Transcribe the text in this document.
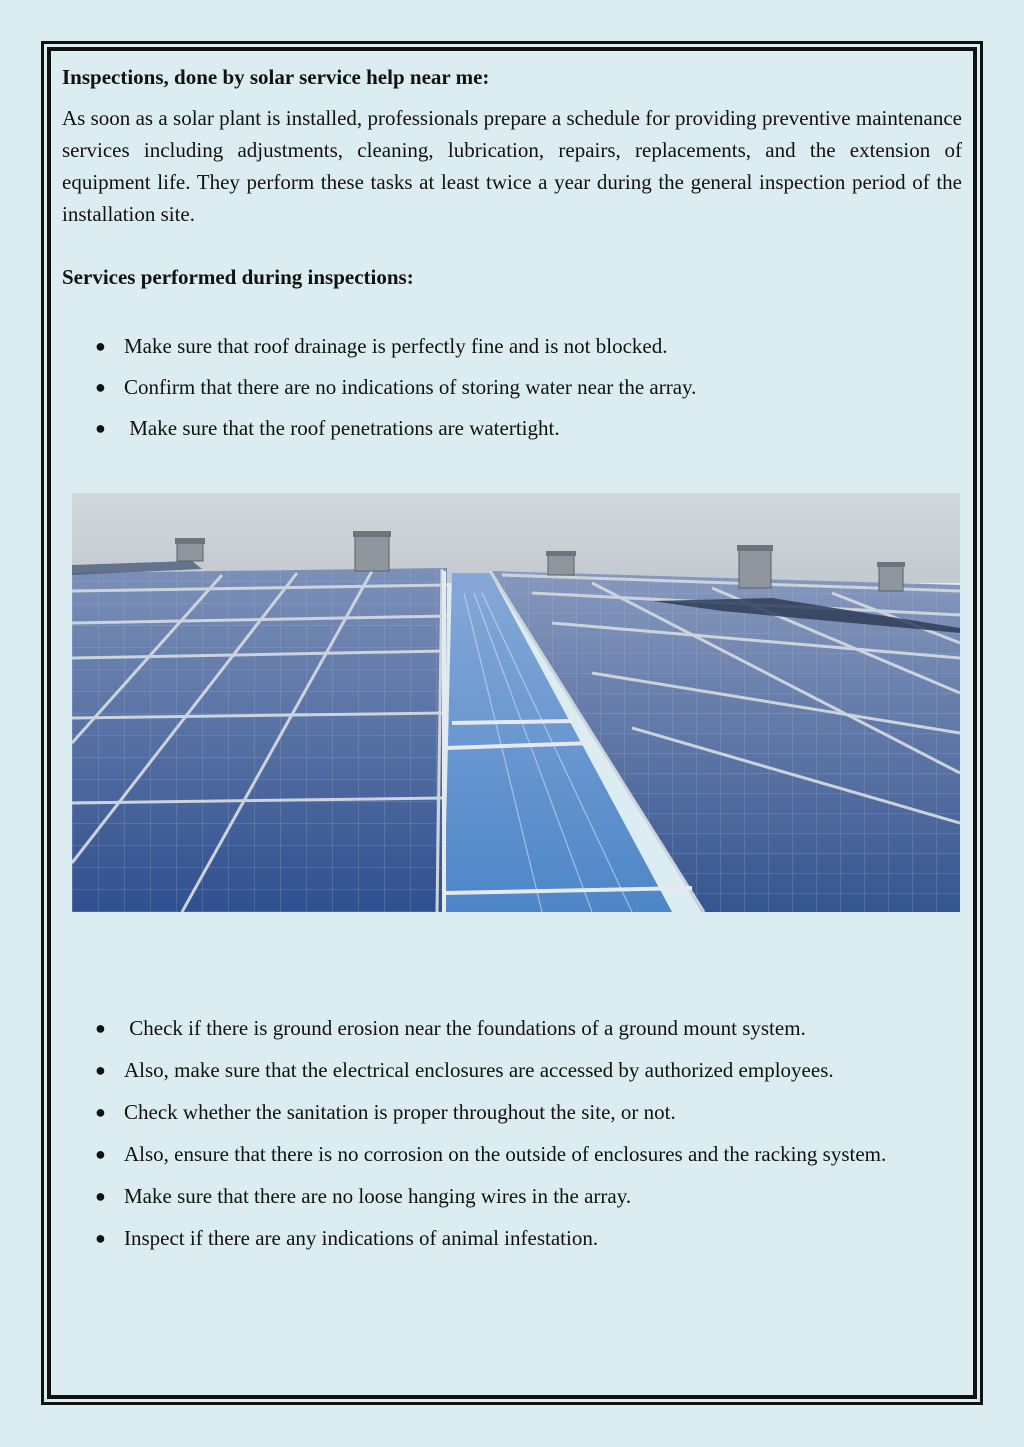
Inspections, done by solar service help near me:

As soon as a solar plant is installed, professionals prepare a schedule for providing preventive maintenance services including adjustments, cleaning, lubrication, repairs, replacements, and the extension of equipment life. They perform these tasks at least twice a year during the general inspection period of the installation site.

Services performed during inspections:
● Make sure that roof drainage is perfectly fine and is not blocked.
● Confirm that there are no indications of storing water near the array.
● Make sure that the roof penetrations are watertight.
● Check if there is ground erosion near the foundations of a ground mount system.
● Also, make sure that the electrical enclosures are accessed by authorized employees.
● Check whether the sanitation is proper throughout the site, or not.
● Also, ensure that there is no corrosion on the outside of enclosures and the racking system.
● Make sure that there are no loose hanging wires in the array.
● Inspect if there are any indications of animal infestation.
